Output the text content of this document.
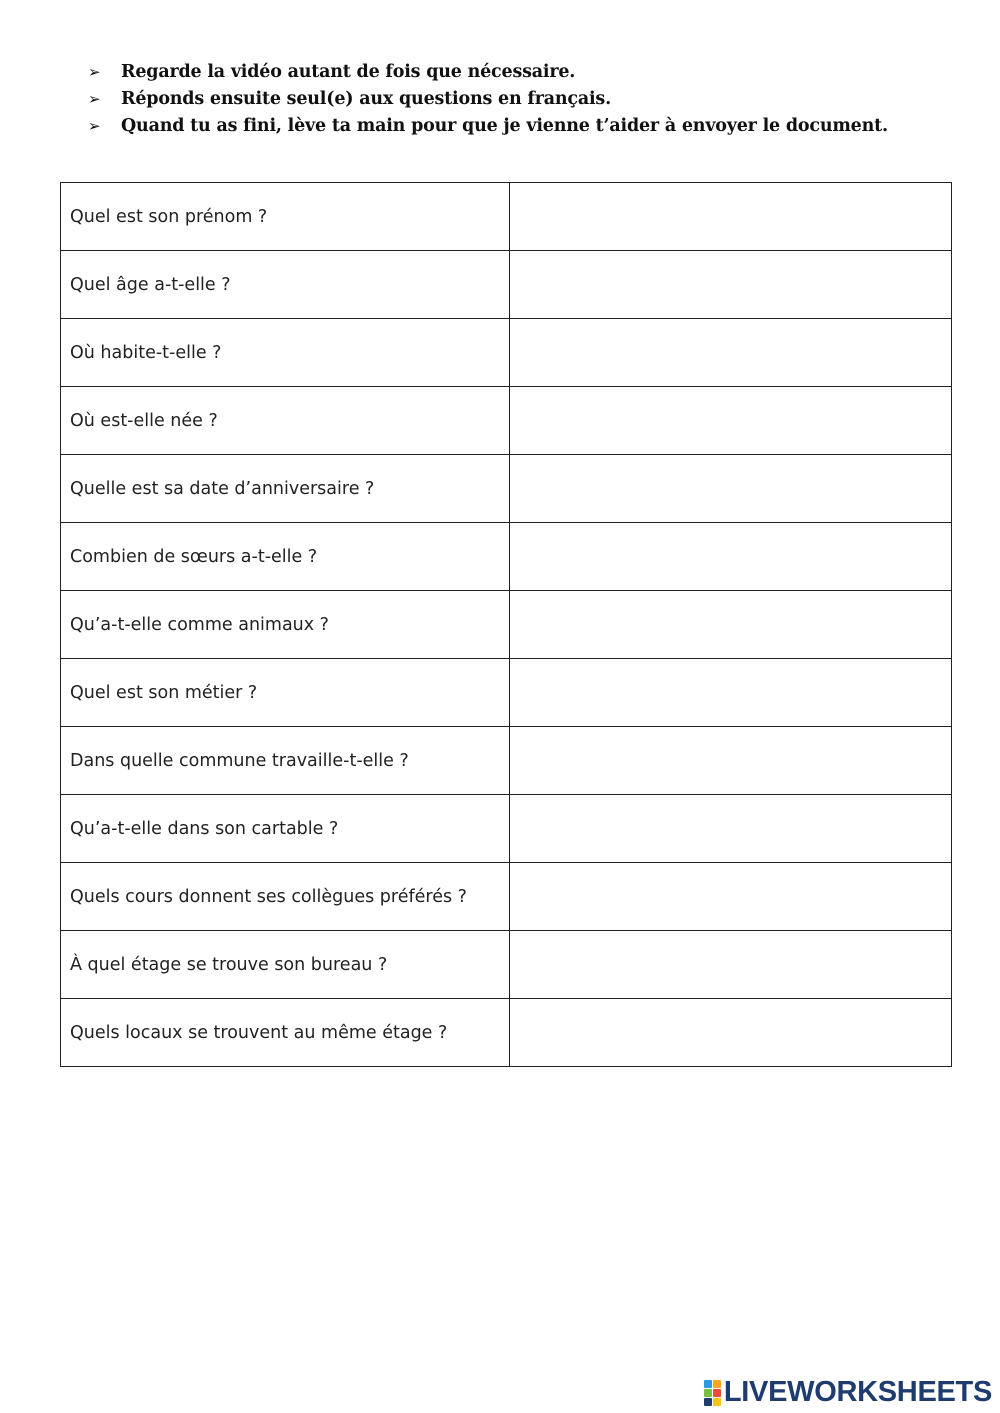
➢	Regarde la vidéo autant de fois que nécessaire.
➢	Réponds ensuite seul(e) aux questions en français.
➢	Quand tu as fini, lève ta main pour que je vienne t’aider à envoyer le document.
Quel est son prénom ?	
Quel âge a-t-elle ?	
Où habite-t-elle ?	
Où est-elle née ?	
Quelle est sa date d’anniversaire ?	
Combien de sœurs a-t-elle ?	
Qu’a-t-elle comme animaux ?	
Quel est son métier ?	
Dans quelle commune travaille-t-elle ?	
Qu’a-t-elle dans son cartable ?	
Quels cours donnent ses collègues préférés ?	
À quel étage se trouve son bureau ?	
Quels locaux se trouvent au même étage ?	
LIVEWORKSHEETS
